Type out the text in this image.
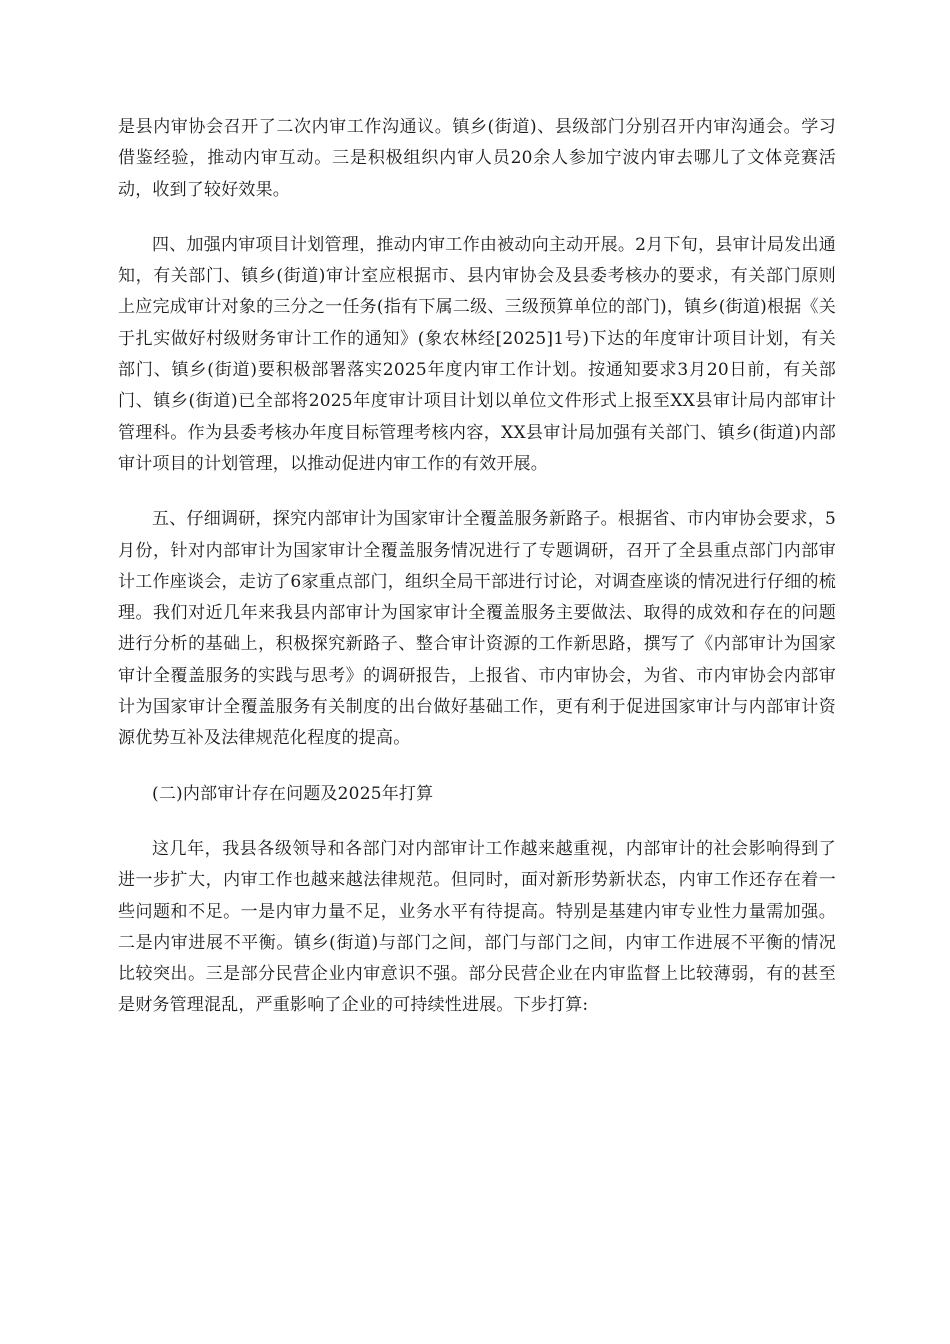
是县内审协会召开了二次内审工作沟通议。镇乡(街道)、县级部门分别召开内审沟通会。学习借鉴经验，推动内审互动。三是积极组织内审人员20余人参加宁波内审去哪儿了文体竞赛活动，收到了较好效果。

四、加强内审项目计划管理，推动内审工作由被动向主动开展。2月下旬，县审计局发出通知，有关部门、镇乡(街道)审计室应根据市、县内审协会及县委考核办的要求，有关部门原则上应完成审计对象的三分之一任务(指有下属二级、三级预算单位的部门)，镇乡(街道)根据《关于扎实做好村级财务审计工作的通知》(象农林经[2025]1号)下达的年度审计项目计划，有关部门、镇乡(街道)要积极部署落实2025年度内审工作计划。按通知要求3月20日前，有关部门、镇乡(街道)已全部将2025年度审计项目计划以单位文件形式上报至XX县审计局内部审计管理科。作为县委考核办年度目标管理考核内容，XX县审计局加强有关部门、镇乡(街道)内部审计项目的计划管理，以推动促进内审工作的有效开展。

五、仔细调研，探究内部审计为国家审计全覆盖服务新路子。根据省、市内审协会要求，5月份，针对内部审计为国家审计全覆盖服务情况进行了专题调研，召开了全县重点部门内部审计工作座谈会，走访了6家重点部门，组织全局干部进行讨论，对调查座谈的情况进行仔细的梳理。我们对近几年来我县内部审计为国家审计全覆盖服务主要做法、取得的成效和存在的问题进行分析的基础上，积极探究新路子、整合审计资源的工作新思路，撰写了《内部审计为国家审计全覆盖服务的实践与思考》的调研报告，上报省、市内审协会，为省、市内审协会内部审计为国家审计全覆盖服务有关制度的出台做好基础工作，更有利于促进国家审计与内部审计资源优势互补及法律规范化程度的提高。

(二)内部审计存在问题及2025年打算

这几年，我县各级领导和各部门对内部审计工作越来越重视，内部审计的社会影响得到了进一步扩大，内审工作也越来越法律规范。但同时，面对新形势新状态，内审工作还存在着一些问题和不足。一是内审力量不足，业务水平有待提高。特别是基建内审专业性力量需加强。二是内审进展不平衡。镇乡(街道)与部门之间，部门与部门之间，内审工作进展不平衡的情况比较突出。三是部分民营企业内审意识不强。部分民营企业在内审监督上比较薄弱，有的甚至是财务管理混乱，严重影响了企业的可持续性进展。下步打算:
